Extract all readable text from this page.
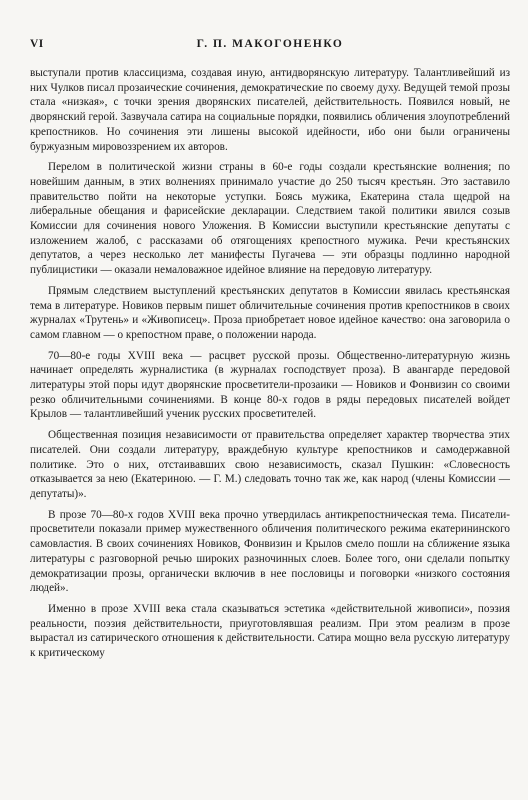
VI	Г. П. МАКОГОНЕНКО

выступали против классицизма, создавая иную, антидворянскую литературу. Талантливейший из них Чулков писал прозаические сочинения, демократические по своему духу. Ведущей темой прозы стала «низкая», с точки зрения дворянских писателей, действительность. Появился новый, не дворянский герой. Зазвучала сатира на социальные порядки, появились обличения злоупотреблений крепостников. Но сочинения эти лишены высокой идейности, ибо они были ограничены буржуазным мировоззрением их авторов.

Перелом в политической жизни страны в 60-е годы создали крестьянские волнения; по новейшим данным, в этих волнениях принимало участие до 250 тысяч крестьян. Это заставило правительство пойти на некоторые уступки. Боясь мужика, Екатерина стала щедрой на либеральные обещания и фарисейские декларации. Следствием такой политики явился созыв Комиссии для сочинения нового Уложения. В Комиссии выступили крестьянские депутаты с изложением жалоб, с рассказами об отягощениях крепостного мужика. Речи крестьянских депутатов, а через несколько лет манифесты Пугачева — эти образцы подлинно народной публицистики — оказали немаловажное идейное влияние на передовую литературу.

Прямым следствием выступлений крестьянских депутатов в Комиссии явилась крестьянская тема в литературе. Новиков первым пишет обличительные сочинения против крепостников в своих журналах «Трутень» и «Живописец». Проза приобретает новое идейное качество: она заговорила о самом главном — о крепостном праве, о положении народа.

70—80-е годы XVIII века — расцвет русской прозы. Общественно-литературную жизнь начинает определять журналистика (в журналах господствует проза). В авангарде передовой литературы этой поры идут дворянские просветители-прозаики — Новиков и Фонвизин со своими резко обличительными сочинениями. В конце 80-х годов в ряды передовых писателей войдет Крылов — талантливейший ученик русских просветителей.

Общественная позиция независимости от правительства определяет характер творчества этих писателей. Они создали литературу, враждебную культуре крепостников и самодержавной политике. Это о них, отстаивавших свою независимость, сказал Пушкин: «Словесность отказывается за нею (Екатериною. — Г. М.) следовать точно так же, как народ (члены Комиссии — депутаты)».

В прозе 70—80-х годов XVIII века прочно утвердилась антикрепостническая тема. Писатели-просветители показали пример мужественного обличения политического режима екатерининского самовластия. В своих сочинениях Новиков, Фонвизин и Крылов смело пошли на сближение языка литературы с разговорной речью широких разночинных слоев. Более того, они сделали попытку демократизации прозы, органически включив в нее пословицы и поговорки «низкого состояния людей».

Именно в прозе XVIII века стала сказываться эстетика «действительной живописи», поэзия реальности, поэзия действительности, приуготовлявшая реализм. При этом реализм в прозе вырастал из сатирического отношения к действительности. Сатира мощно вела русскую литературу к критическому
